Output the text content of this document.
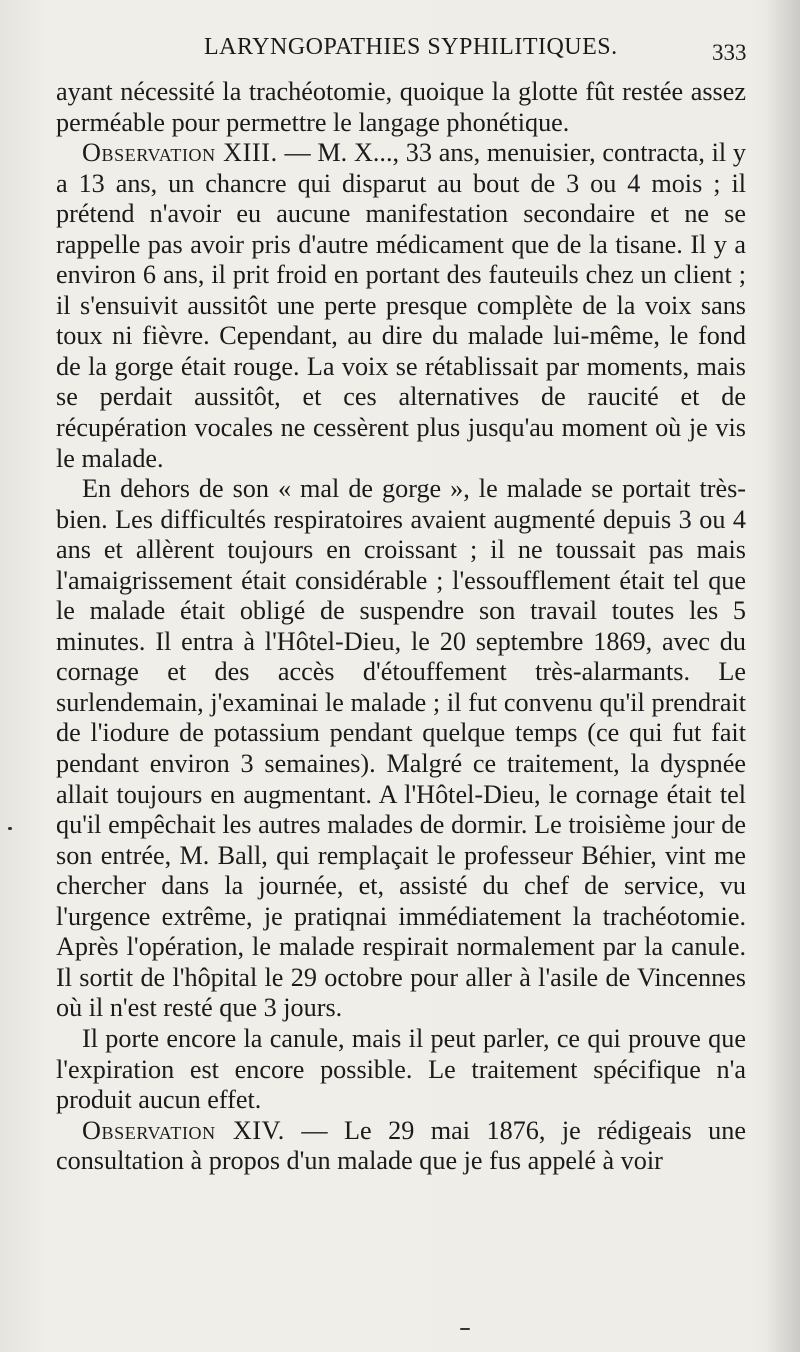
LARYNGOPATHIES SYPHILITIQUES.	333

ayant nécessité la trachéotomie, quoique la glotte fût restée assez perméable pour permettre le langage phonétique.

Observation XIII. — M. X..., 33 ans, menuisier, contracta, il y a 13 ans, un chancre qui disparut au bout de 3 ou 4 mois ; il prétend n'avoir eu aucune manifestation secondaire et ne se rappelle pas avoir pris d'autre médicament que de la tisane. Il y a environ 6 ans, il prit froid en portant des fauteuils chez un client ; il s'ensuivit aussitôt une perte presque complète de la voix sans toux ni fièvre. Cependant, au dire du malade lui-même, le fond de la gorge était rouge. La voix se rétablissait par moments, mais se perdait aussitôt, et ces alternatives de raucité et de récupération vocales ne cessèrent plus jusqu'au moment où je vis le malade.

En dehors de son « mal de gorge », le malade se portait très-bien. Les difficultés respiratoires avaient augmenté depuis 3 ou 4 ans et allèrent toujours en croissant ; il ne toussait pas mais l'amaigrissement était considérable ; l'essoufflement était tel que le malade était obligé de suspendre son travail toutes les 5 minutes. Il entra à l'Hôtel-Dieu, le 20 septembre 1869, avec du cornage et des accès d'étouffement très-alarmants. Le surlendemain, j'examinai le malade ; il fut convenu qu'il prendrait de l'iodure de potassium pendant quelque temps (ce qui fut fait pendant environ 3 semaines). Malgré ce traitement, la dyspnée allait toujours en augmentant. A l'Hôtel-Dieu, le cornage était tel qu'il empêchait les autres malades de dormir. Le troisième jour de son entrée, M. Ball, qui remplaçait le professeur Béhier, vint me chercher dans la journée, et, assisté du chef de service, vu l'urgence extrême, je pratiqnai immédiatement la trachéotomie. Après l'opération, le malade respirait normalement par la canule. Il sortit de l'hôpital le 29 octobre pour aller à l'asile de Vincennes où il n'est resté que 3 jours.

Il porte encore la canule, mais il peut parler, ce qui prouve que l'expiration est encore possible. Le traitement spécifique n'a produit aucun effet.

Observation XIV. — Le 29 mai 1876, je rédigeais une consultation à propos d'un malade que je fus appelé à voir
